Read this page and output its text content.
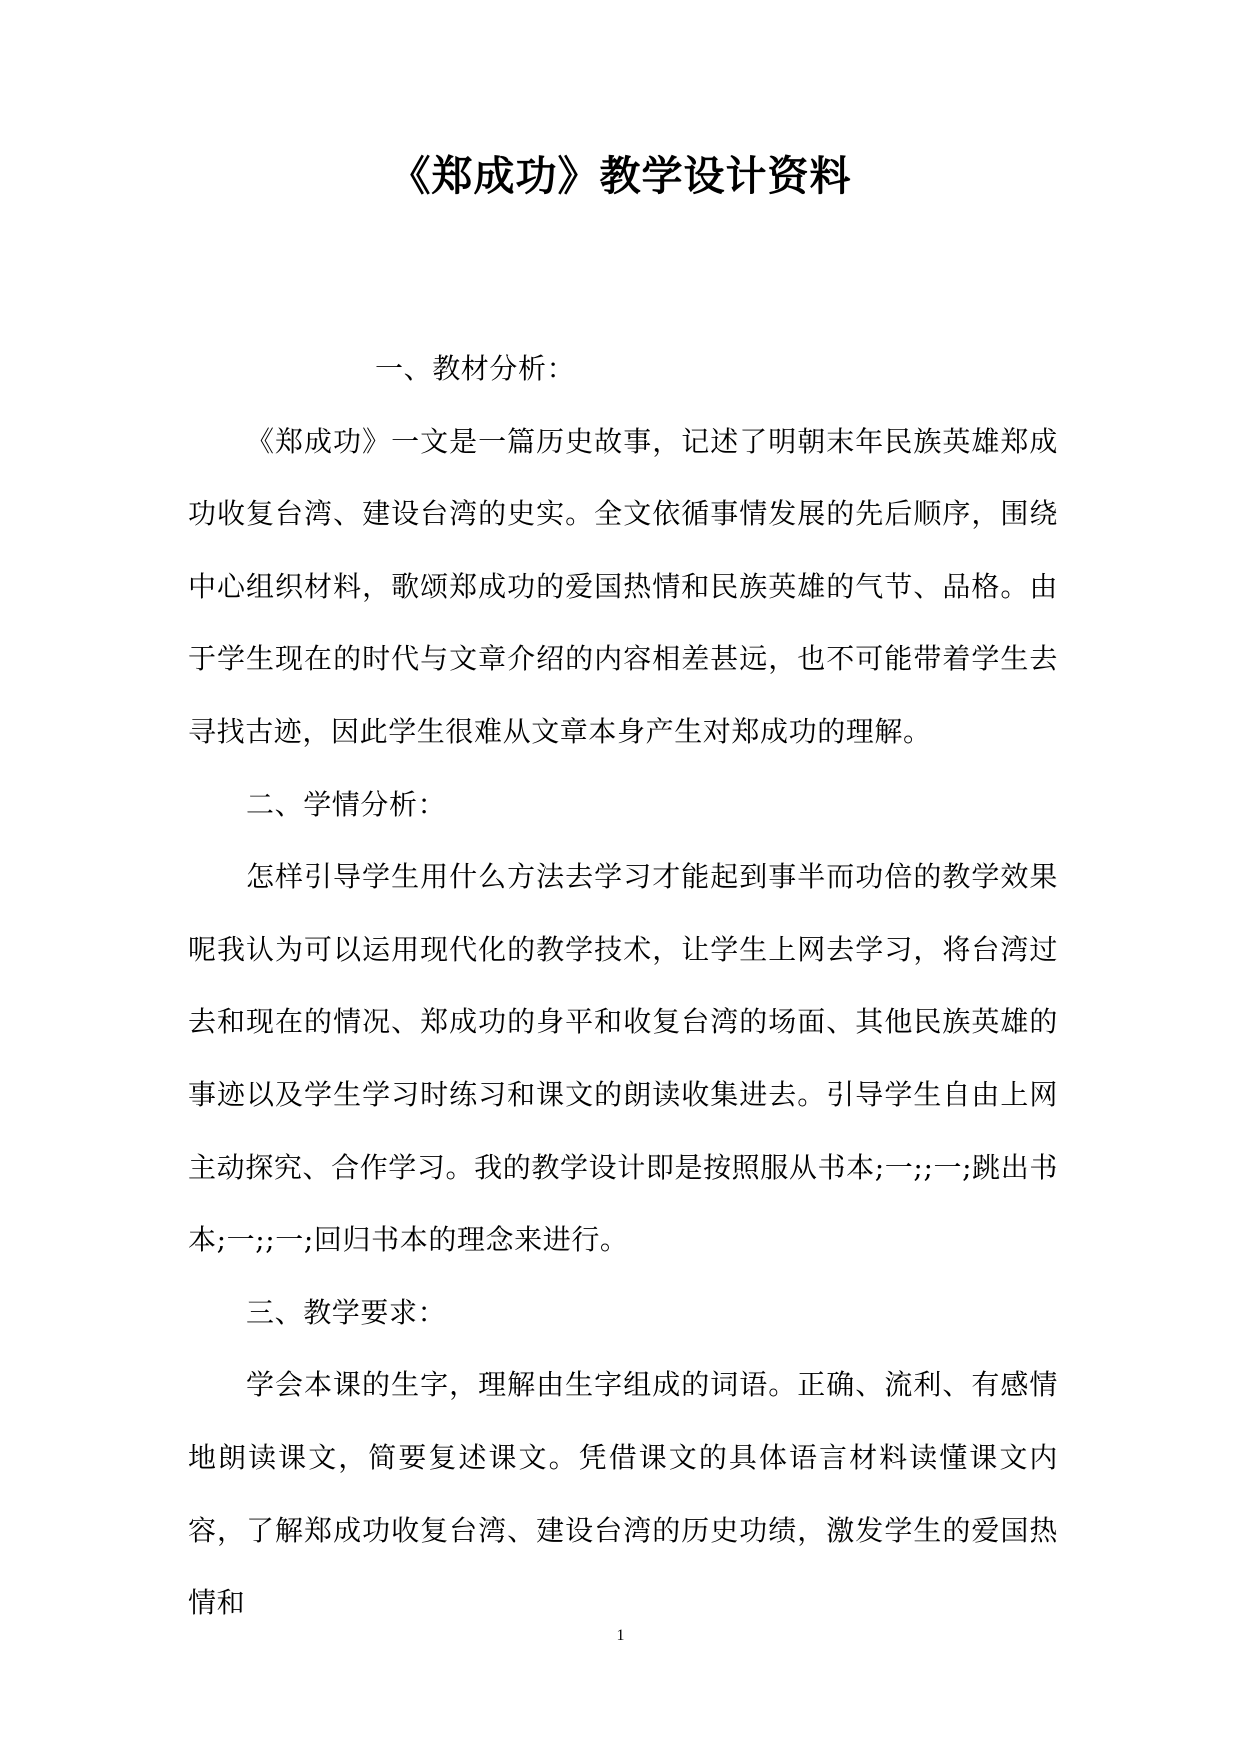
《郑成功》教学设计资料

一、教材分析：

《郑成功》一文是一篇历史故事，记述了明朝末年民族英雄郑成功收复台湾、建设台湾的史实。全文依循事情发展的先后顺序，围绕中心组织材料，歌颂郑成功的爱国热情和民族英雄的气节、品格。由于学生现在的时代与文章介绍的内容相差甚远，也不可能带着学生去寻找古迹，因此学生很难从文章本身产生对郑成功的理解。

二、学情分析：

怎样引导学生用什么方法去学习才能起到事半而功倍的教学效果呢我认为可以运用现代化的教学技术，让学生上网去学习，将台湾过去和现在的情况、郑成功的身平和收复台湾的场面、其他民族英雄的事迹以及学生学习时练习和课文的朗读收集进去。引导学生自由上网主动探究、合作学习。我的教学设计即是按照服从书本;一;;一;跳出书本;一;;一;回归书本的理念来进行。

三、教学要求：

学会本课的生字，理解由生字组成的词语。正确、流利、有感情地朗读课文，简要复述课文。凭借课文的具体语言材料读懂课文内容，了解郑成功收复台湾、建设台湾的历史功绩，激发学生的爱国热情和

1
